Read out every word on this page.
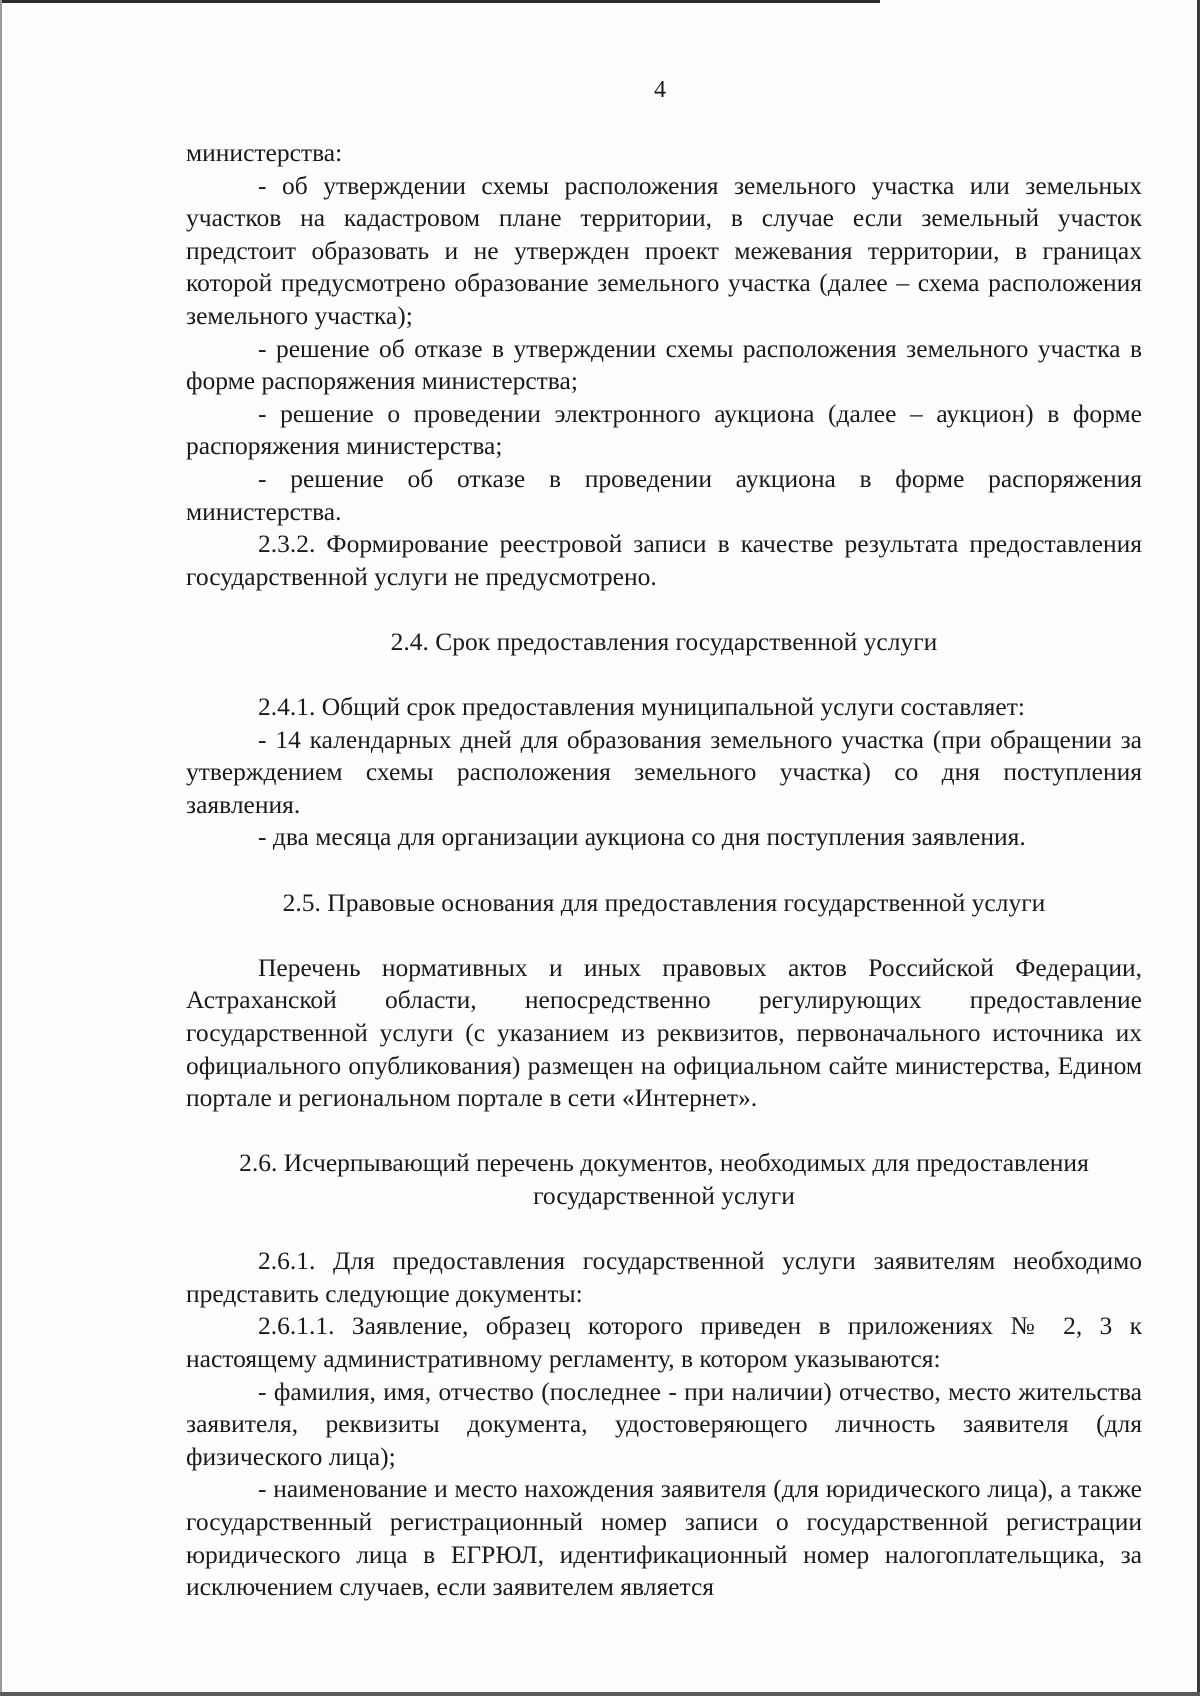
4

министерства:

- об утверждении схемы расположения земельного участка или земельных участков на кадастровом плане территории, в случае если земельный участок предстоит образовать и не утвержден проект межевания территории, в границах которой предусмотрено образование земельного участка (далее – схема расположения земельного участка);

- решение об отказе в утверждении схемы расположения земельного участка в форме распоряжения министерства;

- решение о проведении электронного аукциона (далее – аукцион) в форме распоряжения министерства;

- решение об отказе в проведении аукциона в форме распоряжения министерства.

2.3.2. Формирование реестровой записи в качестве результата предоставления государственной услуги не предусмотрено.

2.4. Срок предоставления государственной услуги

2.4.1. Общий срок предоставления муниципальной услуги составляет:

- 14 календарных дней для образования земельного участка (при обращении за утверждением схемы расположения земельного участка) со дня поступления заявления.

- два месяца для организации аукциона со дня поступления заявления.

2.5. Правовые основания для предоставления государственной услуги

Перечень нормативных и иных правовых актов Российской Федерации, Астраханской области, непосредственно регулирующих предоставление государственной услуги (с указанием из реквизитов, первоначального источника их официального опубликования) размещен на официальном сайте министерства, Едином портале и региональном портале в сети «Интернет».

2.6. Исчерпывающий перечень документов, необходимых для предоставления государственной услуги

2.6.1. Для предоставления государственной услуги заявителям необходимо представить следующие документы:

2.6.1.1. Заявление, образец которого приведен в приложениях № 2, 3 к настоящему административному регламенту, в котором указываются:

- фамилия, имя, отчество (последнее - при наличии) отчество, место жительства заявителя, реквизиты документа, удостоверяющего личность заявителя (для физического лица);

- наименование и место нахождения заявителя (для юридического лица), а также государственный регистрационный номер записи о государственной регистрации юридического лица в ЕГРЮЛ, идентификационный номер налогоплательщика, за исключением случаев, если заявителем является
